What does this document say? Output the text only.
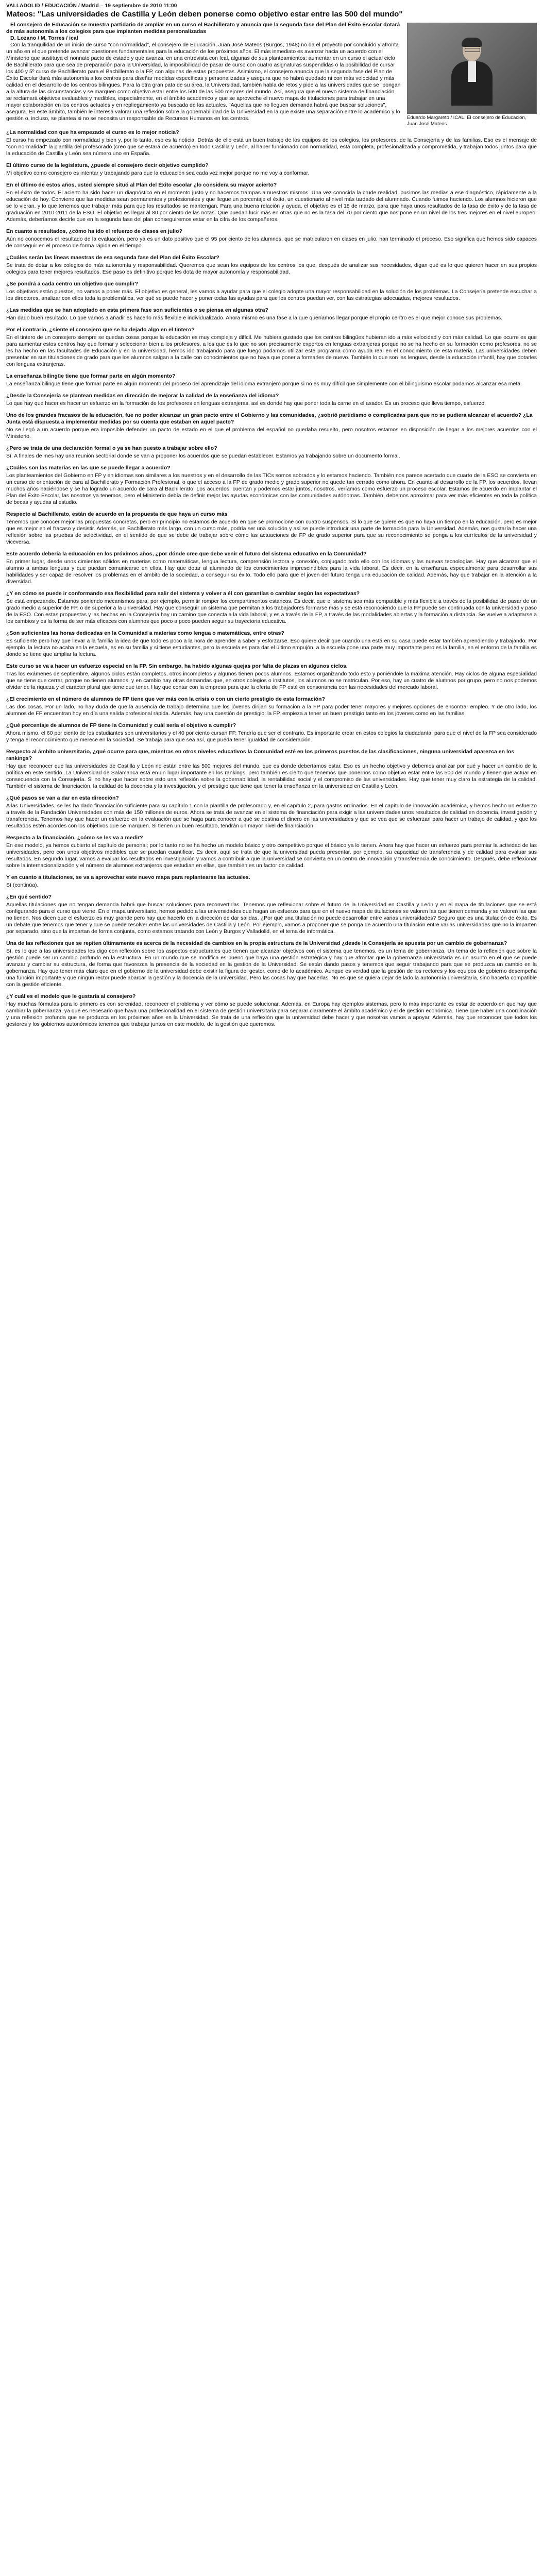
VALLADOLID / EDUCACIÓN / Madrid – 19 septiembre de 2010 11:00
Mateos: "Las universidades de Castilla y León deben ponerse como objetivo estar entre las 500 del mundo"
Eduardo Margareto / ICAL. El consejero de Educación, Juan José Mateos

El consejero de Educación se muestra partidario de ampliar en un curso el Bachillerato y anuncia que la segunda fase del Plan del Éxito Escolar dotará de más autonomía a los colegios para que implanten medidas personalizadas

D. Lozano / M. Torres / ical

Con la tranquilidad de un inicio de curso "con normalidad", el consejero de Educación, Juan José Mateos (Burgos, 1948) no da el proyecto por concluido y afronta un año en el que pretende avanzar cuestiones fundamentales para la educación de los próximos años. El más inmediato es avanzar hacia un acuerdo con el Ministerio que sustituya el nonnato pacto de estado y que avanza, en una entrevista con Ical, algunas de sus planteamientos: aumentar en un curso el actual ciclo de Bachillerato para que sea de preparación para la Universidad, la imposibilidad de pasar de curso con cuatro asignaturas suspendidas o la posibilidad de cursar los 400 y 5º curso de Bachillerato para el Bachillerato o la FP, con algunas de estas propuestas. Asimismo, el consejero anuncia que la segunda fase del Plan de Éxito Escolar dará más autonomía a los centros para diseñar medidas específicas y personalizadas y asegura que no habrá quedado ni con más velocidad y más calidad en el desarrollo de los centros bilingües. Para la otra gran pata de su área, la Universidad, también habla de retos y pide a las universidades que se "pongan a la altura de las circunstancias y se marquen como objetivo estar entre los 500 de las 500 mejores del mundo. Así, asegura que el nuevo sistema de financiación se reclamará objetivos evaluables y medibles, especialmente, en el ámbito académico y que se aproveche el nuevo mapa de titulaciones para trabajar en una mayor colaboración en los centros actuales y en repliegamiento ya buscada de las actuales. "Aquellas que no lleguen demanda habrá que buscar soluciones", asegura. En este ámbito, también le interesa valorar una reflexión sobre la gobernabilidad de la Universidad en la que existe una separación entre lo académico y lo gestión o, incluso, se plantea si no se necesita un responsable de Recursos Humanos en los centros.

¿La normalidad con que ha empezado el curso es lo mejor noticia?
El curso ha empezado con normalidad y bien y, por lo tanto, eso es la noticia. Detrás de ello está un buen trabajo de los equipos de los colegios, los profesores, de la Consejería y de las familias. Eso es el mensaje de "con normalidad" la plantilla del profesorado (creo que se estará de acuerdo) en todo Castilla y León, al haber funcionado con normalidad, está completa, profesionalizada y comprometida, y trabajan todos juntos para que la educación de Castilla y León sea número uno en España.
El último curso de la legislatura, ¿puede el consejero decir objetivo cumplido?
Mi objetivo como consejero es intentar y trabajando para que la educación sea cada vez mejor porque no me voy a conformar.
En el último de estos años, usted siempre situó al Plan del Éxito escolar ¿lo considera su mayor acierto?
En el éxito de todos. El acierto ha sido hacer un diagnóstico en el momento justo y no hacemos trampas a nuestros mismos. Una vez conocida la crude realidad, pusimos las medias a ese diagnóstico, rápidamente a la educación de hoy. Conviene que las medidas sean permanentes y profesionales y que llegue un porcentaje el éxito, un cuestionario al nivel más tardado del alumnado. Cuando fuimos haciendo. Los alumnos hicieron que se lo vieran, y lo que tenemos que trabajar más para que los resultados se mantengan. Para una buena relación y ayuda, el objetivo es el 18 de marzo, para que haya unos resultados de la tasa de éxito y de la tasa de graduación en 2010-2011 de la ESO. El objetivo es llegar al 80 por ciento de las notas. Que puedan lucir más en otras que no es la tasa del 70 por ciento que nos pone en un nivel de los tres mejores en el nivel europeo. Además, deberíamos decirle que en la segunda fase del plan conseguiremos estar en la cifra de los compañeros.
En cuanto a resultados, ¿cómo ha ido el refuerzo de clases en julio?
Aún no conocemos el resultado de la evaluación, pero ya es un dato positivo que el 95 por ciento de los alumnos, que se matricularon en clases en julio, han terminado el proceso. Eso significa que hemos sido capaces de conseguir en el proceso de forma rápida en el tiempo.
¿Cuáles serán las líneas maestras de esa segunda fase del Plan del Éxito Escolar?
Se trata de dotar a los colegios de más autonomía y responsabilidad. Queremos que sean los equipos de los centros los que, después de analizar sus necesidades, digan qué es lo que quieren hacer en sus propios colegios para tener mejores resultados. Ese paso es definitivo porque les dota de mayor autonomía y responsabilidad.
¿Se pondrá a cada centro un objetivo que cumplir?
Los objetivos están puestos, no vamos a poner más. El objetivo es general, les vamos a ayudar para que el colegio adopte una mayor responsabilidad en la solución de los problemas. La Consejería pretende escuchar a los directores, analizar con ellos toda la problemática, ver qué se puede hacer y poner todas las ayudas para que los centros puedan ver, con las estrategias adecuadas, mejores resultados.
¿Las medidas que se han adoptado en esta primera fase son suficientes o se piensa en algunas otra?
Han dado buen resultado. Lo que vamos a añadir es hacerlo más flexible e individualizado. Ahora mismo es una fase a la que queríamos llegar porque el propio centro es el que mejor conoce sus problemas.
Por el contrario, ¿siente el consejero que se ha dejado algo en el tintero?
En el tintero de un consejero siempre se quedan cosas porque la educación es muy compleja y difícil. Me hubiera gustado que los centros bilingües hubieran ido a más velocidad y con más calidad. Lo que ocurre es que para aumentar estos centros hay que formar y seleccionar bien a los profesores, a los que es lo que no son precisamente expertos en lenguas extranjeras porque no se ha hecho en su formación como profesores, no se les ha hecho en las facultades de Educación y en la universidad, hemos ido trabajando para que luego podamos utilizar este programa como ayuda real en el conocimiento de esta materia. Las universidades deben presentar en sus titulaciones de grado para que los alumnos salgan a la calle con conocimientos que no haya que poner a formarles de nuevo. También lo que son las lenguas, desde la educación infantil, hay que dotarles con lenguas extranjeras.
La enseñanza bilingüe tiene que formar parte en algún momento?
La enseñanza bilingüe tiene que formar parte en algún momento del proceso del aprendizaje del idioma extranjero porque si no es muy difícil que simplemente con el bilingüismo escolar podamos alcanzar esa meta.
¿Desde la Consejería se plantean medidas en dirección de mejorar la calidad de la enseñanza del idioma?
Lo que hay que hacer es hacer un esfuerzo en la formación de los profesores en lenguas extranjeras, así es donde hay que poner toda la carne en el asador. Es un proceso que lleva tiempo, esfuerzo.
Uno de los grandes fracasos de la educación, fue no poder alcanzar un gran pacto entre el Gobierno y las comunidades, ¿sobrió partidismo o complicadas para que no se pudiera alcanzar el acuerdo? ¿La Junta está dispuesta a implementar medidas por su cuenta que estaban en aquel pacto?
No se llegó a un acuerdo porque era imposible defender un pacto de estado en el que el problema del español no quedaba resuelto, pero nosotros estamos en disposición de llegar a los mejores acuerdos con el Ministerio.
¿Pero se trata de una declaración formal o ya se han puesto a trabajar sobre ello?
Sí. A finales de mes hay una reunión sectorial donde se van a proponer los acuerdos que se puedan establecer. Estamos ya trabajando sobre un documento formal.
¿Cuáles son las materias en las que se puede llegar a acuerdo?
Los planteamientos del Gobierno en FP y en idiomas son similares a los nuestros y en el desarrollo de las TICs somos sobrados y lo estamos haciendo. También nos parece acertado que cuarto de la ESO se convierta en un curso de orientación de cara al Bachillerato y Formación Profesional, o que el acceso a la FP de grado medio y grado superior no quede tan cerrado como ahora. En cuanto al desarrollo de la FP, los acuerdos, llevan muchos años haciéndose y se ha logrado un acuerdo de cara al Bachillerato. Los acuerdos, cuentan y podemos estar juntos, nosotros, veríamos como esfuerzo un proceso escolar. Estamos de acuerdo en implantar el Plan del Éxito Escolar, las nosotros ya tenemos, pero el Ministerio debía de definir mejor las ayudas económicas con las comunidades autónomas. También, debemos aproximar para ver más eficientes en toda la política de becas y ayudas al estudio.
Respecto al Bachillerato, están de acuerdo en la propuesta de que haya un curso más
Tenemos que conocer mejor las propuestas concretas, pero en principio no estamos de acuerdo en que se promocione con cuatro suspensos. Si lo que se quiere es que no haya un tiempo en la educación, pero es mejor que es mejor en el fracaso y desistir. Además, un Bachillerato más largo, con un curso más, podría ser una solución y así se puede introducir una parte de formación para la Universidad. Además, nos gustaría hacer una reflexión sobre las pruebas de selectividad, en el sentido de que se debe de trabajar sobre cómo las actuaciones de FP de grado superior para que su reconocimiento se ponga a los currículos de la universidad y viceversa.
Este acuerdo debería la educación en los próximos años, ¿por dónde cree que debe venir el futuro del sistema educativo en la Comunidad?
En primer lugar, desde unos cimientos sólidos en materias como matemáticas, lengua lectura, comprensión lectora y conexión, conjugado todo ello con los idiomas y las nuevas tecnologías. Hay que alcanzar que el alumno a ambas lenguas y que puedan comunicarse en ellas. Hay que dotar al alumnado de los conocimientos imprescindibles para la vida laboral. Es decir, en la enseñanza especialmente para desarrollar sus habilidades y ser capaz de resolver los problemas en el ámbito de la sociedad, a conseguir su éxito. Todo ello para que el joven del futuro tenga una educación de calidad. Además, hay que trabajar en la atención a la diversidad.
¿Y en cómo se puede ir conformando esa flexibilidad para salir del sistema y volver a él con garantías o cambiar según las expectativas?
Se está empezando. Estamos poniendo mecanismos para, por ejemplo, permitir romper los compartimentos estancos. Es decir, que el sistema sea más compatible y más flexible a través de la posibilidad de pasar de un grado medio a superior de FP, o de superior a la universidad. Hay que conseguir un sistema que permitan a los trabajadores formarse más y se está reconociendo que la FP puede ser continuada con la universidad y paso de la ESO. Con estas propuestas y las hechas en la Consejería hay un camino que conecta a la vida laboral, y es a través de la FP, a través de las modalidades abiertas y la formación a distancia. Se vuelve a adaptarse a los cambios y es la forma de ser más eficaces con alumnos que poco a poco pueden seguir su trayectoria educativa.
¿Son suficientes las horas dedicadas en la Comunidad a materias como lengua o matemáticas, entre otras?
Es suficiente pero hay que llevar a la familia la idea de que todo es poco a la hora de aprender a saber y esforzarse. Eso quiere decir que cuando una está en su casa puede estar también aprendiendo y trabajando. Por ejemplo, la lectura no acaba en la escuela, es en su familia y si tiene estudiantes, pero la escuela es para dar el último empujón, a la escuela pone una parte muy importante pero es la familia, en el entorno de la familia es donde se tiene que ampliar la lectura.
Este curso se va a hacer un esfuerzo especial en la FP. Sin embargo, ha habido algunas quejas por falta de plazas en algunos ciclos.
Tras los exámenes de septiembre, algunos ciclos están completos, otros incompletos y algunos tienen pocos alumnos. Estamos organizando todo esto y poniéndole la máxima atención. Hay ciclos de alguna especialidad que se tiene que cerrar, porque no tienen alumnos, y en cambio hay otras demandas que, en otros colegios o institutos, los alumnos no se matriculan. Por eso, hay un cuatro de alumnos por grupo, pero no nos podemos olvidar de la riqueza y el carácter plural que tiene que tener. Hay que contar con la empresa para que la oferta de FP esté en consonancia con las necesidades del mercado laboral.
¿El crecimiento en el número de alumnos de FP tiene que ver más con la crisis o con un cierto prestigio de esta formación?
Las dos cosas. Por un lado, no hay duda de que la ausencia de trabajo determina que los jóvenes dirijan su formación a la FP para poder tener mayores y mejores opciones de encontrar empleo. Y de otro lado, los alumnos de FP encuentran hoy en día una salida profesional rápida. Además, hay una cuestión de prestigio: la FP, empieza a tener un buen prestigio tanto en los jóvenes como en las familias.
¿Qué porcentaje de alumnos de FP tiene la Comunidad y cuál sería el objetivo a cumplir?
Ahora mismo, el 60 por ciento de los estudiantes son universitarios y el 40 por ciento cursan FP. Tendría que ser el contrario. Es importante crear en estos colegios la ciudadanía, para que el nivel de la FP sea considerado y tenga el reconocimiento que merece en la sociedad. Se trabaja para que sea así, que pueda tener igualdad de consideración.
Respecto al ámbito universitario, ¿qué ocurre para que, mientras en otros niveles educativos la Comunidad esté en los primeros puestos de las clasificaciones, ninguna universidad aparezca en los rankings?
Hay que reconocer que las universidades de Castilla y León no están entre las 500 mejores del mundo, que es donde deberíamos estar. Eso es un hecho objetivo y debemos analizar por qué y hacer un cambio de la política en este sentido. La Universidad de Salamanca está en un lugar importante en los rankings, pero también es cierto que tenemos que ponernos como objetivo estar entre las 500 del mundo y tienen que actuar en consecuencia con la Consejería. Si no hay que hacer sobre esto una reflexión sobre la gobernabilidad, la rentabilidad social y el compromiso de las universidades. Hay que tener muy claro la estrategia de la calidad. También el sistema de financiación, la calidad de la docencia y la investigación, y el prestigio que tiene que tener la enseñanza en la universidad en Castilla y León.
¿Qué pasos se van a dar en esta dirección?
A las Universidades, se les ha dado financiación suficiente para su capítulo 1 con la plantilla de profesorado y, en el capítulo 2, para gastos ordinarios. En el capítulo de innovación académica, y hemos hecho un esfuerzo a través de la Fundación Universidades con más de 150 millones de euros. Ahora se trata de avanzar en el sistema de financiación para exigir a las universidades unos resultados de calidad en docencia, investigación y transferencia. Tenemos hay que hacer un esfuerzo en la evaluación que se haga para conocer a qué se destina el dinero en las universidades y que se vea que se esfuerzan para hacer un trabajo de calidad, y que los resultados estén acordes con los objetivos que se marquen. Si tienen un buen resultado, tendrán un mayor nivel de financiación.
Respecto a la financiación, ¿cómo se les va a medir?
En ese modelo, ya hemos cubierto el capítulo de personal; por lo tanto no se ha hecho un modelo básico y otro competitivo porque el básico ya lo tienen. Ahora hay que hacer un esfuerzo para premiar la actividad de las universidades, pero con unos objetivos medibles que se puedan cuantificar. Es decir, aquí se trata de que la universidad pueda presentar, por ejemplo, su capacidad de transferencia y de calidad para evaluar sus resultados. En segundo lugar, vamos a evaluar los resultados en investigación y vamos a contribuir a que la universidad se convierta en un centro de innovación y transferencia de conocimiento. Después, debe reflexionar sobre la internacionalización y el número de alumnos extranjeros que estudian en ellas, que también es un factor de calidad.
Y en cuanto a titulaciones, se va a aprovechar este nuevo mapa para replantearse las actuales.
Sí (continúa).
¿En qué sentido?
Aquellas titulaciones que no tengan demanda habrá que buscar soluciones para reconvertirlas. Tenemos que reflexionar sobre el futuro de la Universidad en Castilla y León y en el mapa de titulaciones que se está configurando para el curso que viene. En el mapa universitario, hemos pedido a las universidades que hagan un esfuerzo para que en el nuevo mapa de titulaciones se valoren las que tienen demanda y se valoren las que no tienen. Nos dicen que el esfuerzo es muy grande pero hay que hacerlo en la dirección de dar salidas. ¿Por qué una titulación no puede desarrollar entre varias universidades? Seguro que es una titulación de éxito. Es un debate que tenemos que tener y que se puede resolver entre las universidades de Castilla y León. Por ejemplo, vamos a proponer que se ponga de acuerdo una titulación entre varias universidades que no la imparten por separado, sino que la impartan de forma conjunta, como estamos tratando con León y Burgos y Valladolid, en el tema de informática.
Una de las reflexiones que se repiten últimamente es acerca de la necesidad de cambios en la propia estructura de la Universidad ¿desde la Consejería se apuesta por un cambio de gobernanza?
Sí, es lo que a las universidades les digo con reflexión sobre los aspectos estructurales que tienen que alcanzar objetivos con el sistema que tenemos, es un tema de gobernanza. Un tema de la reflexión que sobre la gestión puede ser un cambio profundo en la estructura. En un mundo que se modifica es bueno que haya una gestión estratégica y hay que afrontar que la gobernanza universitaria es un asunto en el que se puede avanzar y cambiar su estructura, de forma que favorezca la presencia de la sociedad en la gestión de la Universidad. Se están dando pasos y tenemos que seguir trabajando para que se produzca un cambio en la gobernanza. Hay que tener más claro que en el gobierno de la universidad debe existir la figura del gestor, como de lo académico. Aunque es verdad que la gestión de los rectores y los equipos de gobierno desempeña una función importante y que ningún rector puede abarcar la gestión y la docencia de la universidad. Pero las cosas hay que hacerlas. No es que se quiera dejar de lado la autonomía universitaria, sino hacerla compatible con la gestión eficiente.
¿Y cuál es el modelo que le gustaría al consejero?
Hay muchas fórmulas para lo primero es con serenidad, reconocer el problema y ver cómo se puede solucionar. Además, en Europa hay ejemplos sistemas, pero lo más importante es estar de acuerdo en que hay que cambiar la gobernanza, ya que es necesario que haya una profesionalidad en el sistema de gestión universitaria para separar claramente el ámbito académico y el de gestión económica. Tiene que haber una coordinación y una reflexión profunda que se produzca en los próximos años en la Universidad. Se trata de una reflexión que la universidad debe hacer y que nosotros vamos a apoyar. Además, hay que reconocer que todos los gestores y los gobiernos autonómicos tenemos que trabajar juntos en este modelo, de la gestión que queremos.
